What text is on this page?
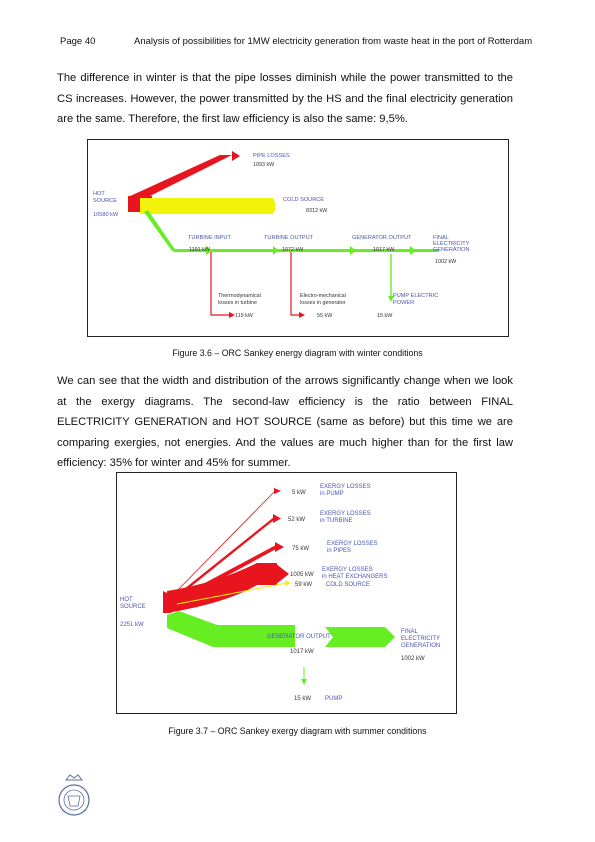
Page 40	Analysis of possibilities for 1MW electricity generation from waste heat in the port of Rotterdam

The difference in winter is that the pipe losses diminish while the power transmitted to the CS increases. However, the power transmitted by the HS and the final electricity generation are the same. Therefore, the first law efficiency is also the same: 9,5%.

HOT
SOURCE
10580 kW
PIPE LOSSES
1093 kW
COLD SOURCE
8312 kW
TURBINE INPUT
1191 kW
TURBINE OUTPUT
1072 kW
GENERATOR OUTPUT
1017 kW
FINAL
ELECTRICITY
GENERATION
1002 kW
Thermodynamical
losses in turbine
119 kW
Electro-mechanical
losses in generator
55 kW
PUMP ELECTRIC
POWER
15 kW
Figure 3.6 – ORC Sankey energy diagram with winter conditions

We can see that the width and distribution of the arrows significantly change when we look at the exergy diagrams. The second-law efficiency is the ratio between FINAL ELECTRICITY GENERATION and HOT SOURCE (same as before) but this time we are comparing exergies, not energies. And the values are much higher than for the first law efficiency: 35% for winter and 45% for summer.

HOT
SOURCE
2251 kW
5 kW
EXERGY LOSSES
in PUMP
52 kW
EXERGY LOSSES
in TURBINE
75 kW
EXERGY LOSSES
in PIPES
1005 kW
EXERGY LOSSES
in HEAT EXCHANGERS
59 kW COLD SOURCE
GENERATOR OUTPUT
1017 kW
FINAL
ELECTRICITY
GENERATION
1002 kW
15 kW PUMP
Figure 3.7 – ORC Sankey exergy diagram with summer conditions
